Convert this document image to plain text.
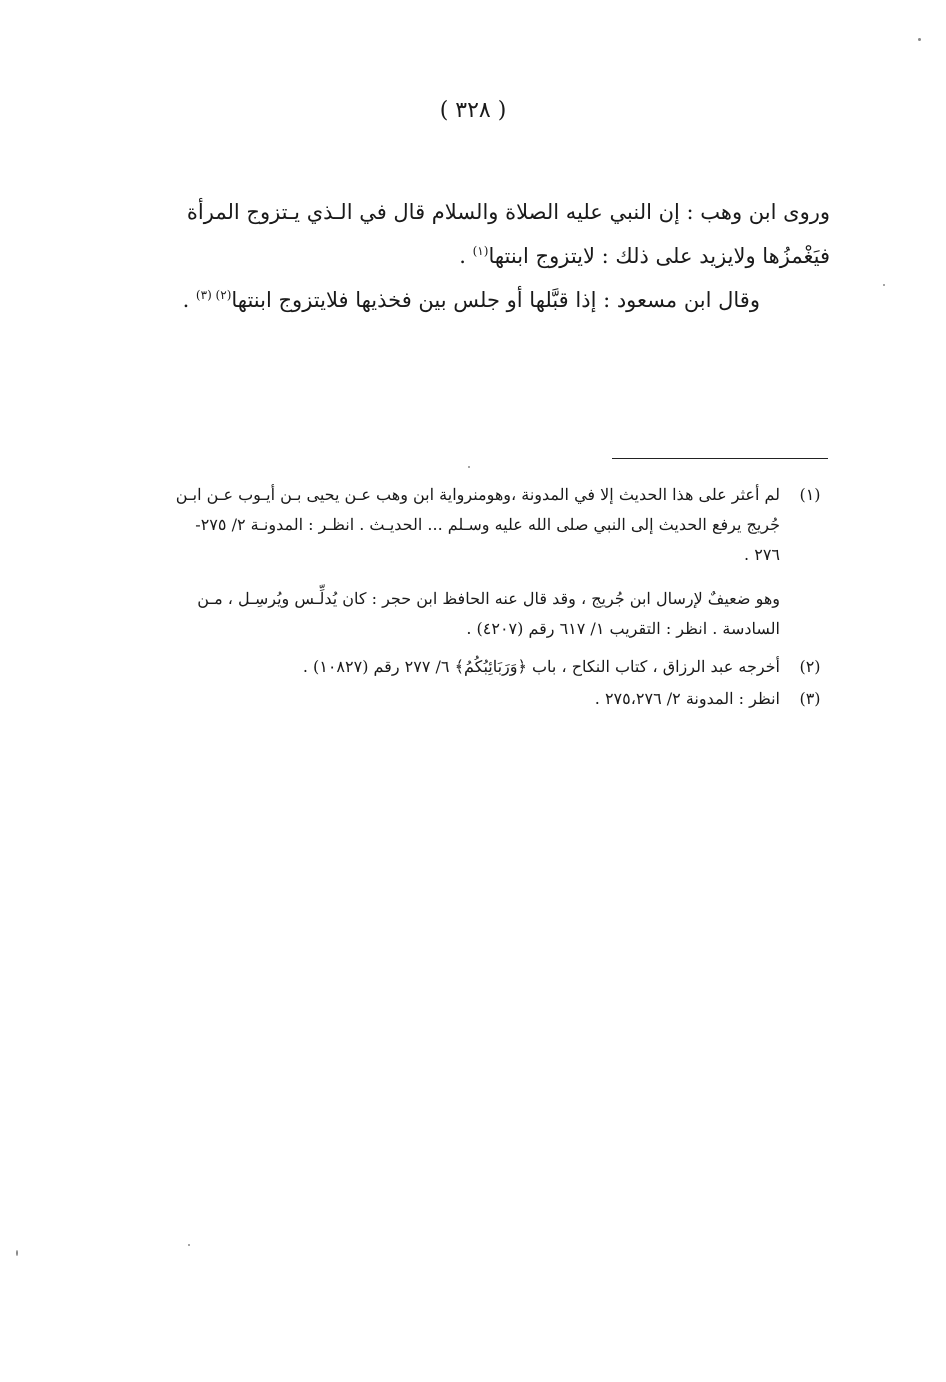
( ٣٢٨ )
وروى ابن وهب : إن النبي عليه الصلاة والسلام قال في الـذي يـتزوج المرأة
فيَغْمزُها ولايزيد على ذلك : لايتزوج ابنتها$^{(١)}$ .
وقال ابن مسعود : إذا قبَّلها أو جلس بين فخذيها فلايتزوج ابنتها$^{(٢) (٣)}$ .
(١)
لم أعثر على هذا الحديث إلا في المدونة ،وهومنرواية ابن وهب عـن يحيى بـن أيـوب عـن ابـن
جُريج يرفع الحديث إلى النبي صلى الله عليه وسـلم ... الحديـث . انظـر : المدونـة ٢/ ٢٧٥-
٢٧٦ .
وهو ضعيفٌ لإرسال ابن جُريج ، وقد قال عنه الحافظ ابن حجر : كان يُدلِّـس ويُرسِـل ، مـن
السادسة . انظر : التقريب ١/ ٦١٧ رقم (٤٢٠٧) .
(٢)
أخرجه عبد الرزاق ، كتاب النكاح ، باب ﴿وَرَبَائِبُكُمُ﴾ ٦/ ٢٧٧ رقم (١٠٨٢٧) .
(٣)
انظر : المدونة ٢/ ٢٧٥،٢٧٦ .
